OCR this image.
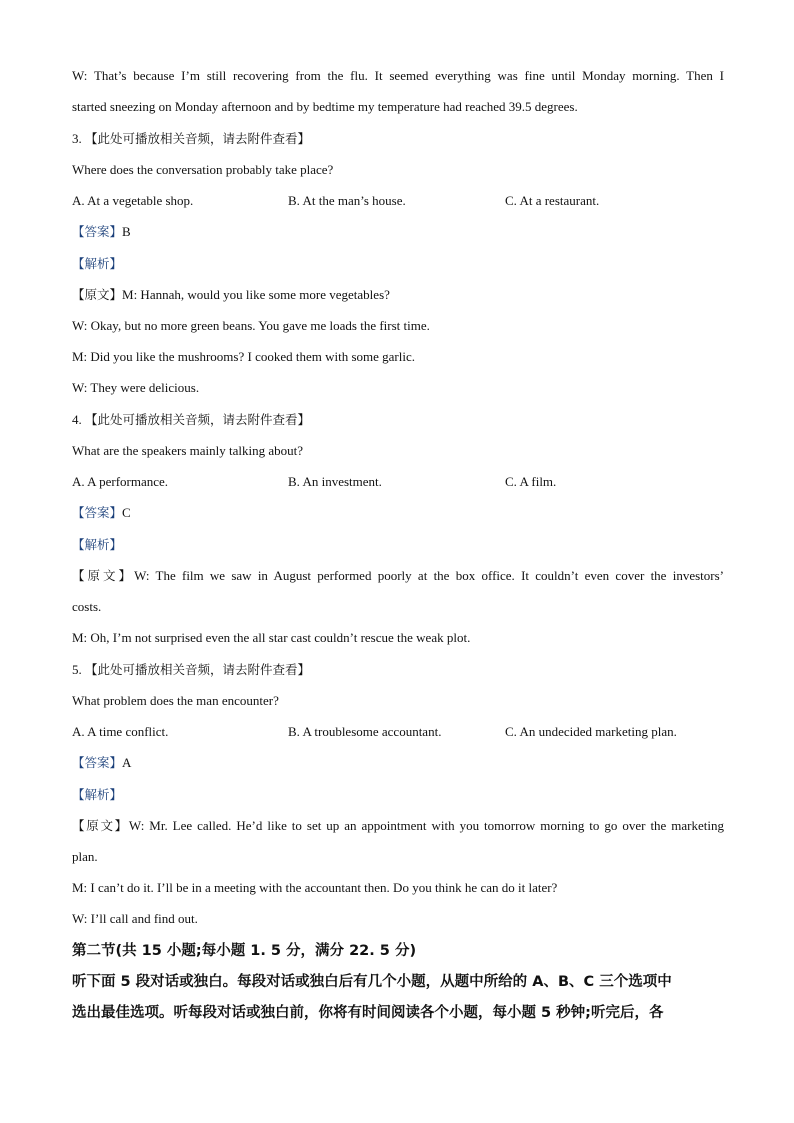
W: That’s because I’m still recovering from the flu. It seemed everything was fine until Monday morning. Then I
started sneezing on Monday afternoon and by bedtime my temperature had reached 39.5 degrees.
3. 【此处可播放相关音频，请去附件查看】
Where does the conversation probably take place?
A. At a vegetable shop.	B. At the man’s house.	C. At a restaurant.
【答案】B
【解析】
【原文】M: Hannah, would you like some more vegetables?
W: Okay, but no more green beans. You gave me loads the first time.
M: Did you like the mushrooms? I cooked them with some garlic.
W: They were delicious.
4. 【此处可播放相关音频，请去附件查看】
What are the speakers mainly talking about?
A. A performance.	B. An investment.	C. A film.
【答案】C
【解析】
【原文】W: The film we saw in August performed poorly at the box office. It couldn’t even cover the investors’
costs.
M: Oh, I’m not surprised even the all star cast couldn’t rescue the weak plot.
5. 【此处可播放相关音频，请去附件查看】
What problem does the man encounter?
A. A time conflict.	B. A troublesome accountant.	C. An undecided marketing plan.
【答案】A
【解析】
【原文】W: Mr. Lee called. He’d like to set up an appointment with you tomorrow morning to go over the marketing
plan.
M: I can’t do it. I’ll be in a meeting with the accountant then. Do you think he can do it later?
W: I’ll call and find out.
第二节(共 15 小题;每小题 1. 5 分，满分 22. 5 分)
听下面 5 段对话或独白。每段对话或独白后有几个小题，从题中所给的 A、B、C 三个选项中
选出最佳选项。听每段对话或独白前，你将有时间阅读各个小题，每小题 5 秒钟;听完后，各
